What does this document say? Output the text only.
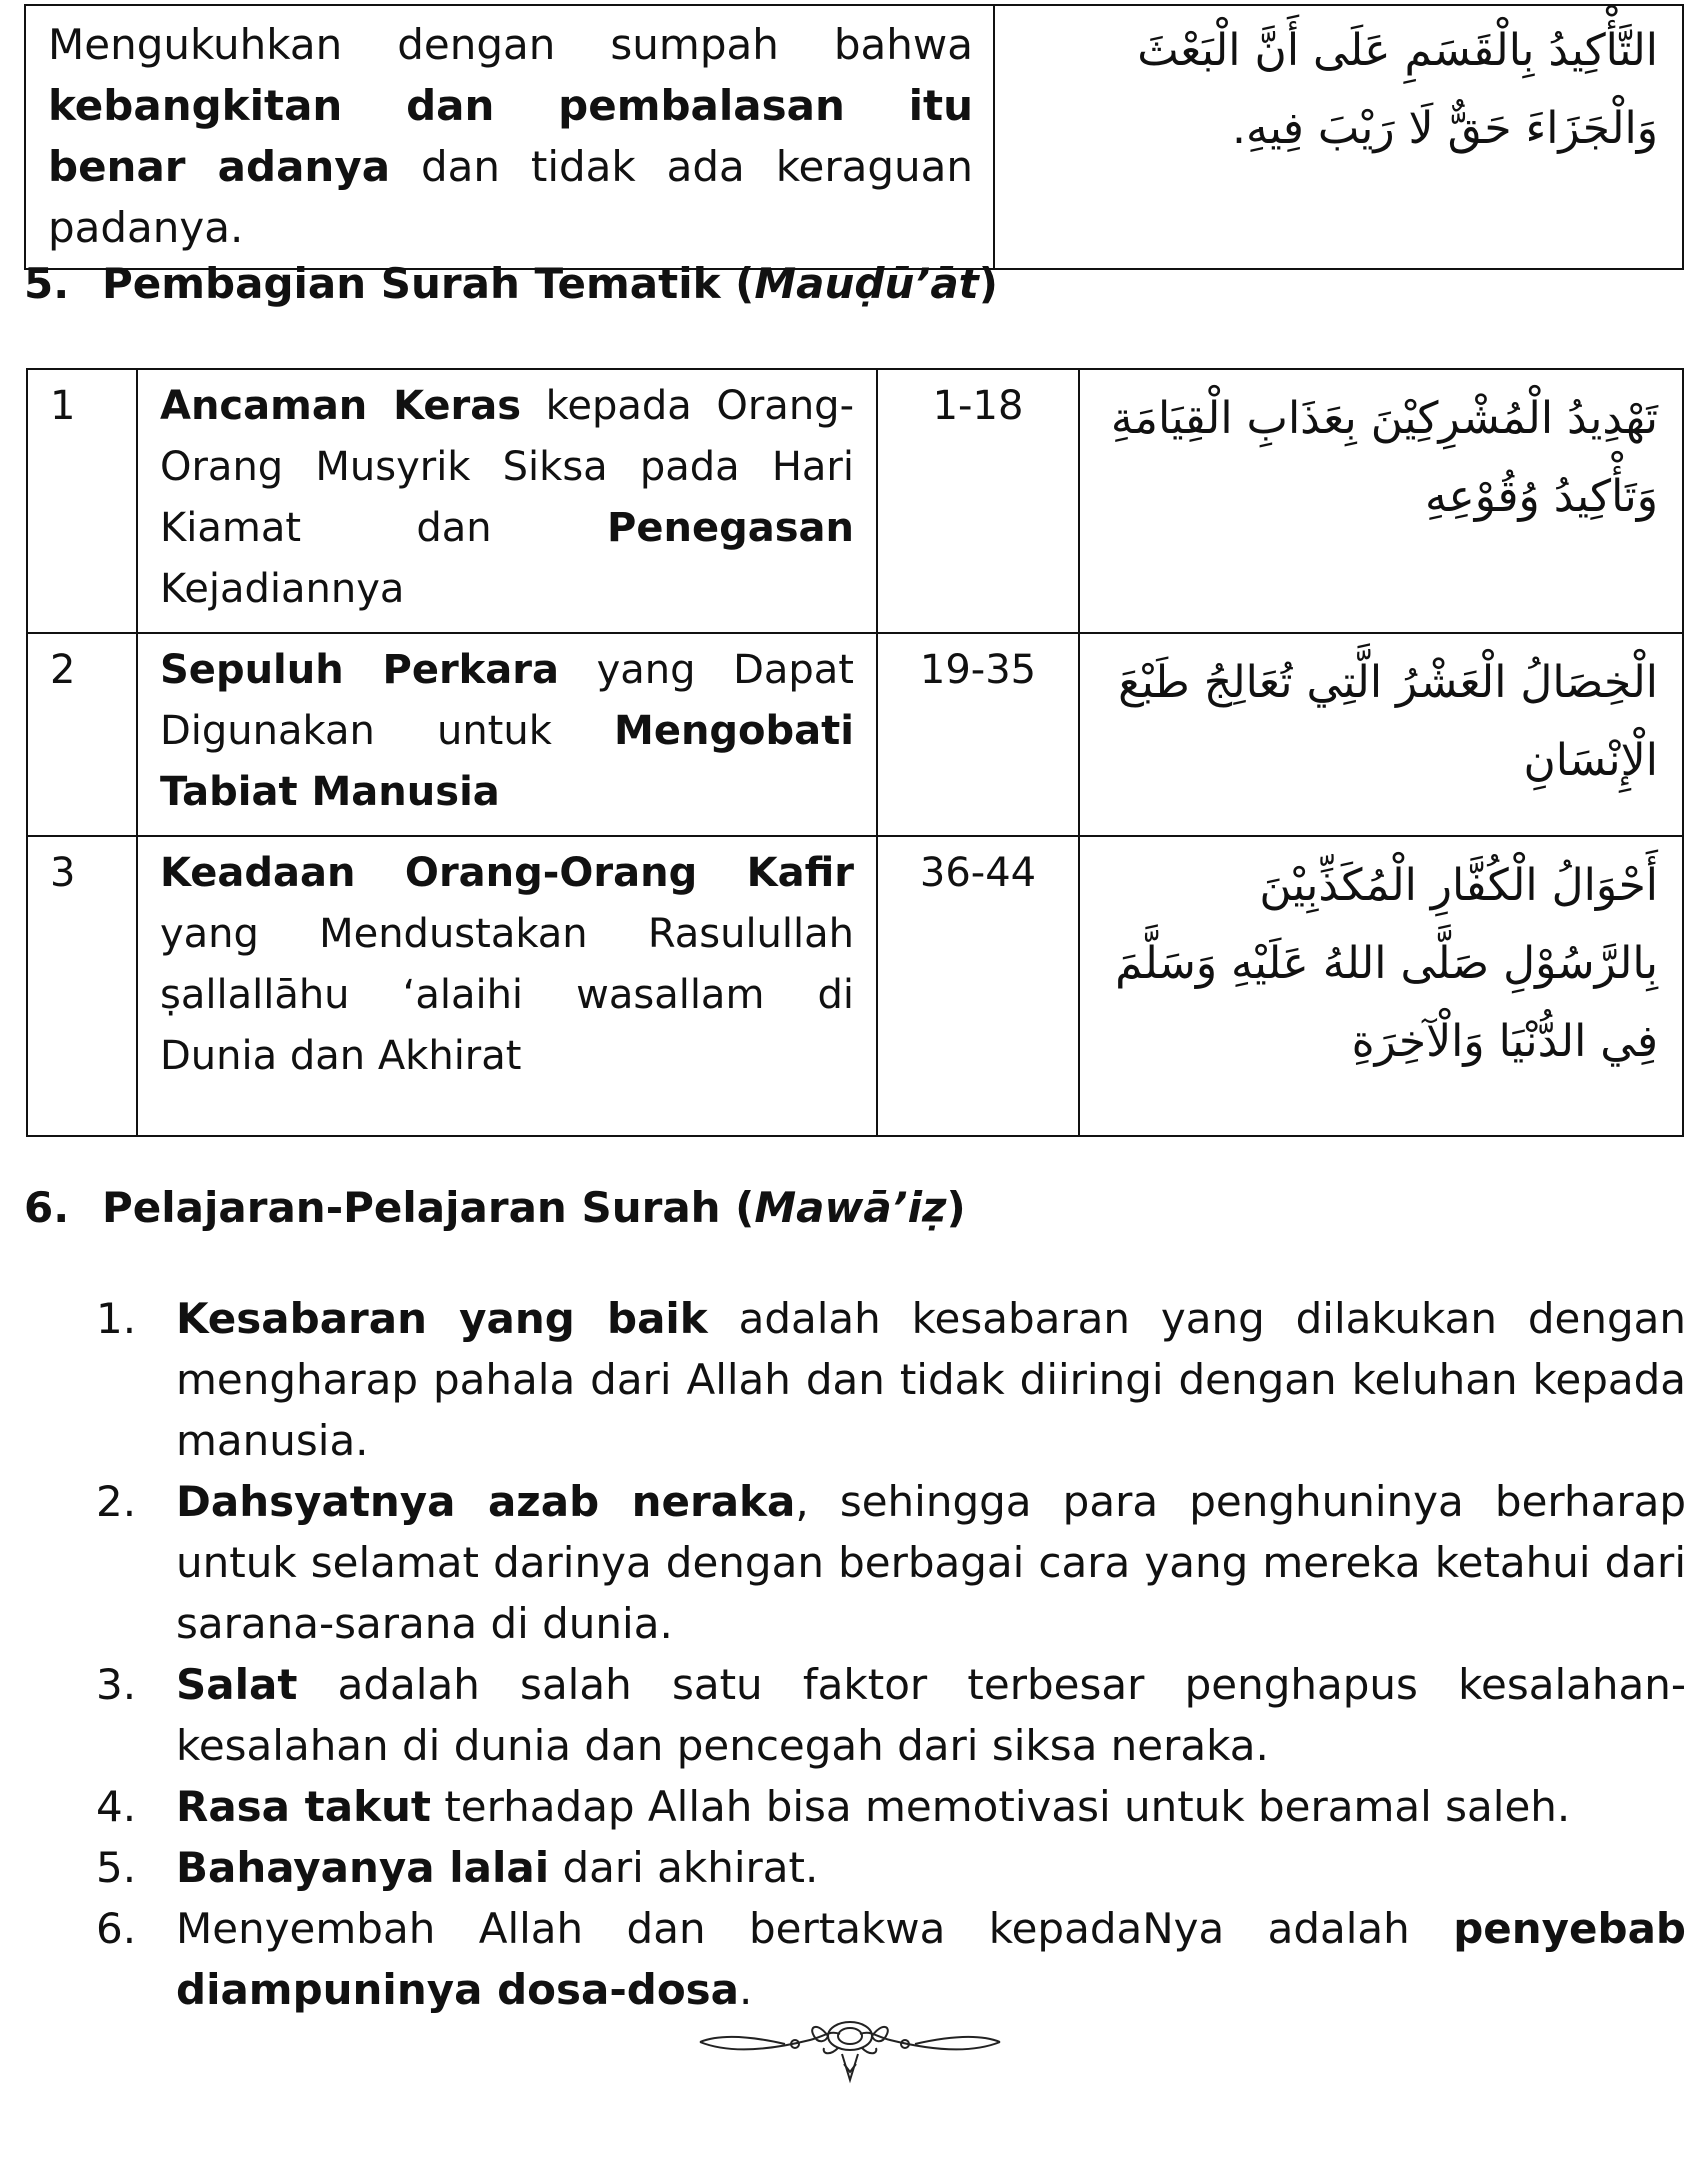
Mengukuhkan dengan sumpah bahwa kebangkitan dan pembalasan itu benar adanya dan tidak ada keraguan padanya.	التَّأْكِيدُ بِالْقَسَمِ عَلَى أَنَّ الْبَعْثَ وَالْجَزَاءَ حَقٌّ لَا رَيْبَ فِيهِ.
5. Pembagian Surah Tematik (Mauḍū’āt)
1	Ancaman Keras kepada Orang-Orang Musyrik Siksa pada Hari Kiamat dan Penegasan Kejadiannya	1-18	تَهْدِيدُ الْمُشْرِكِيْنَ بِعَذَابِ الْقِيَامَةِ وَتَأْكِيدُ وُقُوْعِهِ
2	Sepuluh Perkara yang Dapat Digunakan untuk Mengobati Tabiat Manusia	19-35	الْخِصَالُ الْعَشْرُ الَّتِي تُعَالِجُ طَبْعَ الْإِنْسَانِ
3	Keadaan Orang-Orang Kafir yang Mendustakan Rasulullah ṣallallāhu ‘alaihi wasallam di Dunia dan Akhirat	36-44	أَحْوَالُ الْكُفَّارِ الْمُكَذِّبِيْنَ بِالرَّسُوْلِ صَلَّى اللهُ عَلَيْهِ وَسَلَّمَ فِي الدُّنْيَا وَالْآخِرَةِ
6. Pelajaran-Pelajaran Surah (Mawā’iẓ)
1. Kesabaran yang baik adalah kesabaran yang dilakukan dengan mengharap pahala dari Allah dan tidak diiringi dengan keluhan kepada manusia.
2. Dahsyatnya azab neraka, sehingga para penghuninya berharap untuk selamat darinya dengan berbagai cara yang mereka ketahui dari sarana-sarana di dunia.
3. Salat adalah salah satu faktor terbesar penghapus kesalahan-kesalahan di dunia dan pencegah dari siksa neraka.
4. Rasa takut terhadap Allah bisa memotivasi untuk beramal saleh.
5. Bahayanya lalai dari akhirat.
6. Menyembah Allah dan bertakwa kepadaNya adalah penyebab diampuninya dosa-dosa.
